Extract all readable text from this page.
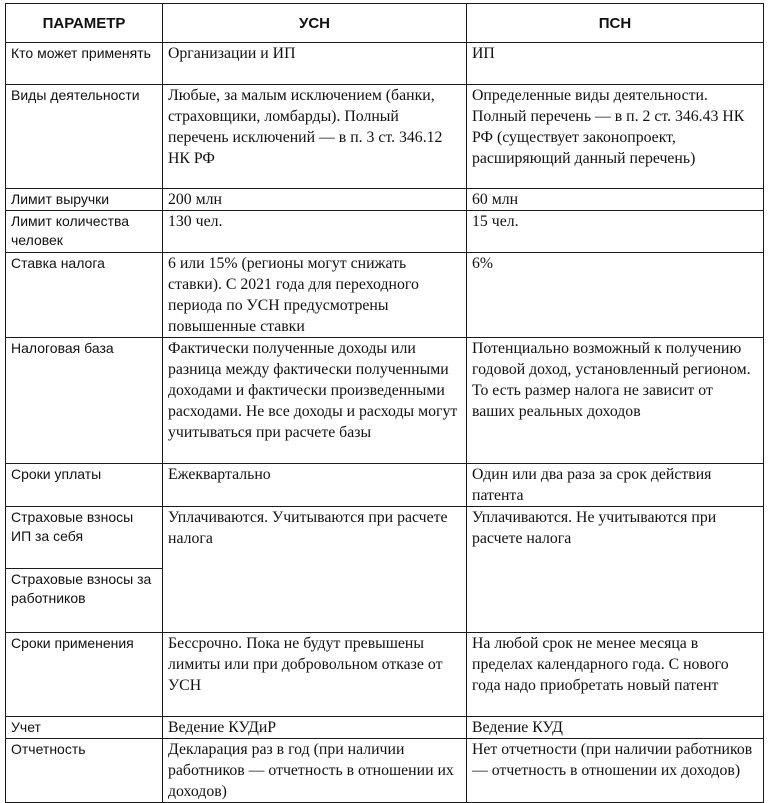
ПАРАМЕТР	УСН	ПСН
Кто может применять	Организации и ИП	ИП
Виды деятельности	Любые, за малым исключением (банки, страховщики, ломбарды). Полный перечень исключений — в п. 3 ст. 346.12 НК РФ	Определенные виды деятельности. Полный перечень — в п. 2 ст. 346.43 НК РФ (существует законопроект, расширяющий данный перечень)
Лимит выручки	200 млн	60 млн
Лимит количества человек	130 чел.	15 чел.
Ставка налога	6 или 15% (регионы могут снижать ставки). С 2021 года для переходного периода по УСН предусмотрены повышенные ставки	6%
Налоговая база	Фактически полученные доходы или разница между фактически полученными доходами и фактически произведенными расходами. Не все доходы и расходы могут учитываться при расчете базы	Потенциально возможный к получению годовой доход, установленный регионом. То есть размер налога не зависит от ваших реальных доходов
Сроки уплаты	Ежеквартально	Один или два раза за срок действия патента
Страховые взносы ИП за себя	Уплачиваются. Учитываются при расчете налога	Уплачиваются. Не учитываются при расчете налога
Страховые взносы за работников		
Сроки применения	Бессрочно. Пока не будут превышены лимиты или при добровольном отказе от УСН	На любой срок не менее месяца в пределах календарного года. С нового года надо приобретать новый патент
Учет	Ведение КУДиР	Ведение КУД
Отчетность	Декларация раз в год (при наличии работников — отчетность в отношении их доходов)	Нет отчетности (при наличии работников — отчетность в отношении их доходов)
